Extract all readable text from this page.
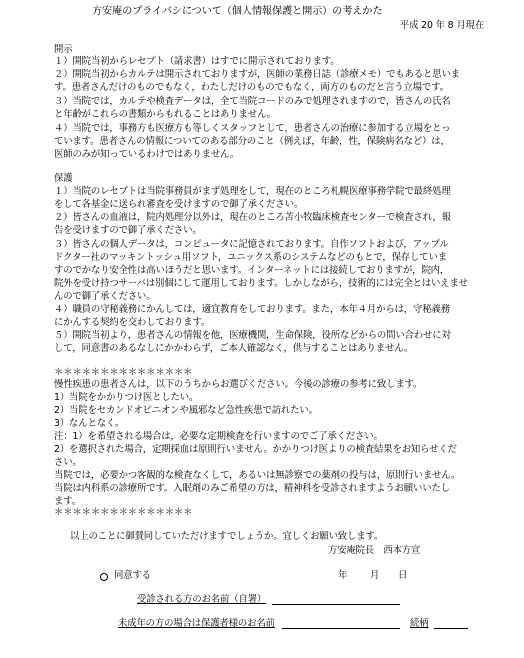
方安庵のプライバシについて（個人情報保護と開示）の考えかた
平成 20 年 8 月現在
開示
１）開院当初からレセプト（請求書）はすでに開示されております。
２）開院当初からカルテは開示されておりますが，医師の業務日誌（診療メモ）でもあると思いま
す。患者さんだけのものでもなく，わたしだけのものでもなく，両方のものだと言う立場です。
３）当院では，カルテや検査データは，全て当院コードのみで処理されますので，皆さんの氏名
と年齢がこれらの書類からもれることはありません。
４）当院では，事務方も医療方も等しくスタッフとして，患者さんの治療に参加する立場をとっ
ています。患者さんの情報についてのある部分のこと（例えば，年齢，性，保険病名など）は，
医師のみが知っているわけではありません。
保護
１）当院のレセプトは当院事務員がまず処理をして，現在のところ札幌医療事務学院で最終処理
をして各基金に送られ審査を受けますので御了承ください。
２）皆さんの血液は，院内処理分以外は，現在のところ苫小牧臨床検査センターで検査され，報
告を受けますので御了承ください。
３）皆さんの個人データは，コンピュータに記憶されております。自作ソフトおよび，アップル
ドクター社のマッキントッシュ用ソフト，ユニックス系のシステムなどのもとで，保存していま
すのでかなり安全性は高いほうだと思います。インターネットには接続しておりますが，院内，
院外を受け持つサーバは別個にして運用しております。しかしながら，技術的には完全とはいえませ
んので御了承ください。
４）職員の守秘義務にかんしては，適宜教育をしております。また，本年４月からは，守秘義務
にかんする契約を交わしております。
５）開院当初より，患者さんの情報を他，医療機関，生命保険，役所などからの問い合わせに対
して，同意書のあるなしにかかわらず，ご本人確認なく，供与することはありません。
＊＊＊＊＊＊＊＊＊＊＊＊＊＊＊
慢性疾患の患者さんは，以下のうちからお選びください。今後の診療の参考に致します。
1）当院をかかりつけ医としたい。
2）当院をセカンドオピニオンや風邪など急性疾患で訪れたい。
3）なんとなく。
注：1）を希望される場合は，必要な定期検査を行いますのでご了承ください。
2）を選択された場合，定期採血は原則行いません。かかりつけ医よりの検査結果をお知らせくだ
さい。
当院では，必要かつ客観的な検査なくして，あるいは無診察での薬剤の投与は，原則行いません。
当院は内科系の診療所です。入眠剤のみご希望の方は，精神科を受診されますようお願いいたし
ます。
＊＊＊＊＊＊＊＊＊＊＊＊＊＊＊
以上のことに御賛同していただけますでしょうか。宜しくお願い致します。
方安庵院長　西本方宣
同意する	年 月 日
受診される方のお名前（自署）
未成年の方の場合は保護者様のお名前	続柄
